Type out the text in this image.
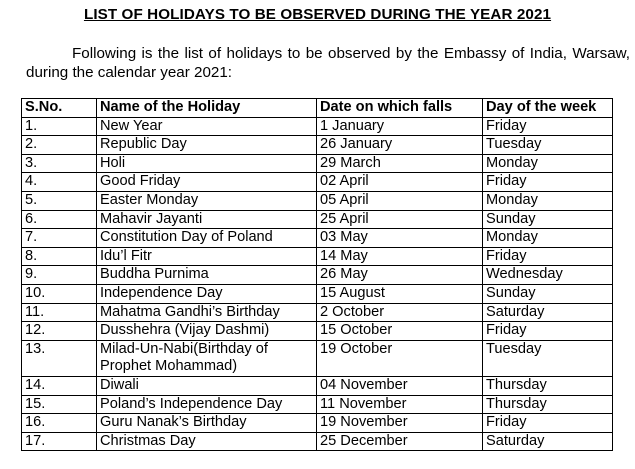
LIST OF HOLIDAYS TO BE OBSERVED DURING THE YEAR 2021
Following is the list of holidays to be observed by the Embassy of India, Warsaw, during the calendar year 2021:
S.No.	Name of the Holiday	Date on which falls	Day of the week
1.	New Year	1 January	Friday
2.	Republic Day	26 January	Tuesday
3.	Holi	29 March	Monday
4.	Good Friday	02 April	Friday
5.	Easter Monday	05 April	Monday
6.	Mahavir Jayanti	25 April	Sunday
7.	Constitution Day of Poland	03 May	Monday
8.	Idu’l Fitr	14 May	Friday
9.	Buddha Purnima	26 May	Wednesday
10.	Independence Day	15 August	Sunday
11.	Mahatma Gandhi’s Birthday	2 October	Saturday
12.	Dusshehra (Vijay Dashmi)	15 October	Friday
13.	Milad-Un-Nabi(Birthday of Prophet Mohammad)	19 October	Tuesday
14.	Diwali	04 November	Thursday
15.	Poland’s Independence Day	11 November	Thursday
16.	Guru Nanak’s Birthday	19 November	Friday
17.	Christmas Day	25 December	Saturday
